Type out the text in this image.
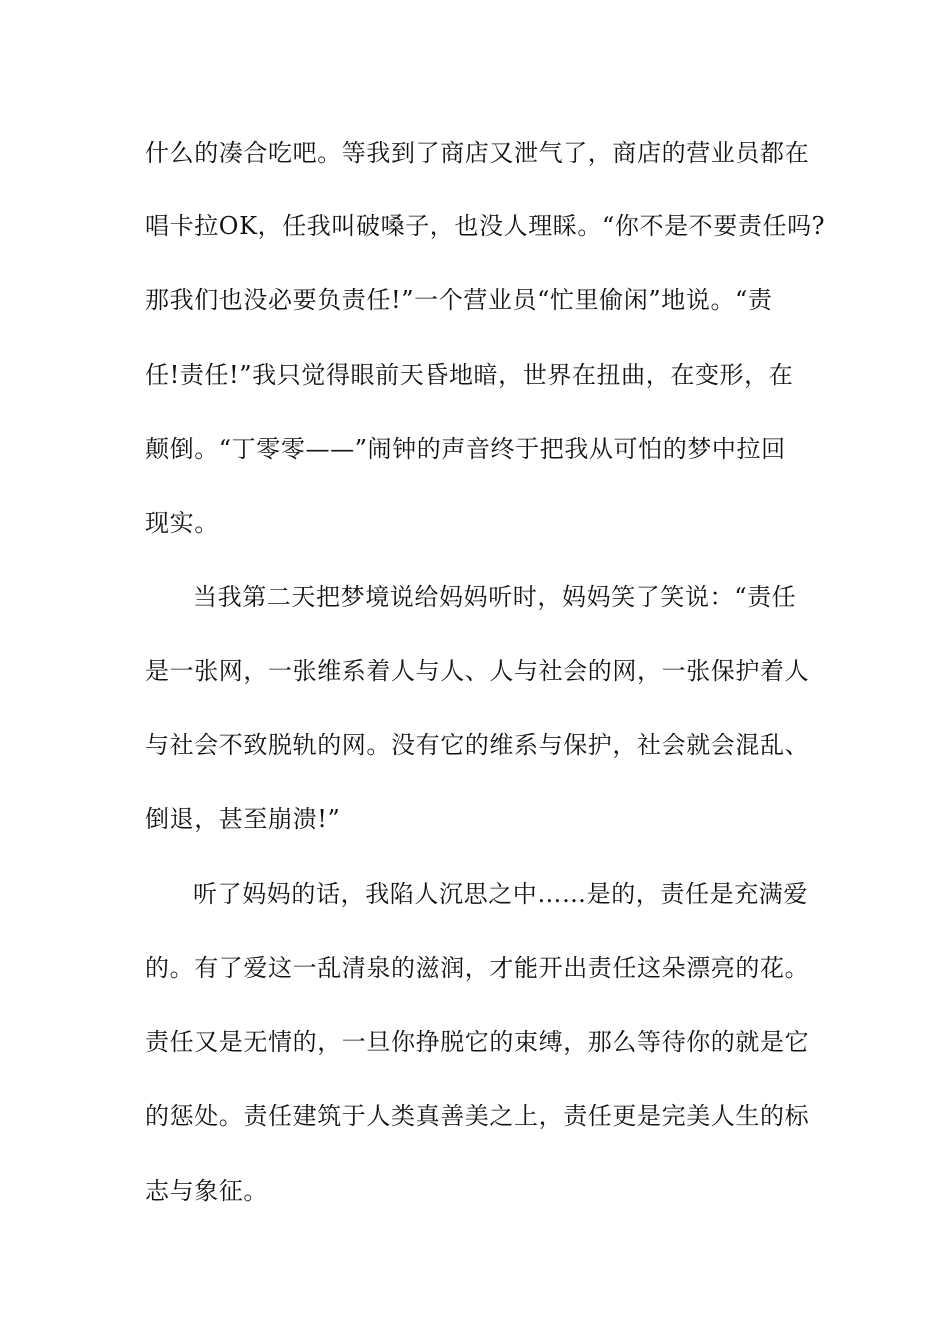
什么的凑合吃吧。等我到了商店又泄气了，商店的营业员都在
唱卡拉OK，任我叫破嗓子，也没人理睬。“你不是不要责任吗?
那我们也没必要负责任!”一个营业员“忙里偷闲”地说。“责
任!责任!”我只觉得眼前天昏地暗，世界在扭曲，在变形，在
颠倒。“丁零零——”闹钟的声音终于把我从可怕的梦中拉回
现实。
当我第二天把梦境说给妈妈听时，妈妈笑了笑说：“责任
是一张网，一张维系着人与人、人与社会的网，一张保护着人
与社会不致脱轨的网。没有它的维系与保护，社会就会混乱、
倒退，甚至崩溃!”
听了妈妈的话，我陷人沉思之中……是的，责任是充满爱
的。有了爱这一乱清泉的滋润，才能开出责任这朵漂亮的花。
责任又是无情的，一旦你挣脱它的束缚，那么等待你的就是它
的惩处。责任建筑于人类真善美之上，责任更是完美人生的标
志与象征。
